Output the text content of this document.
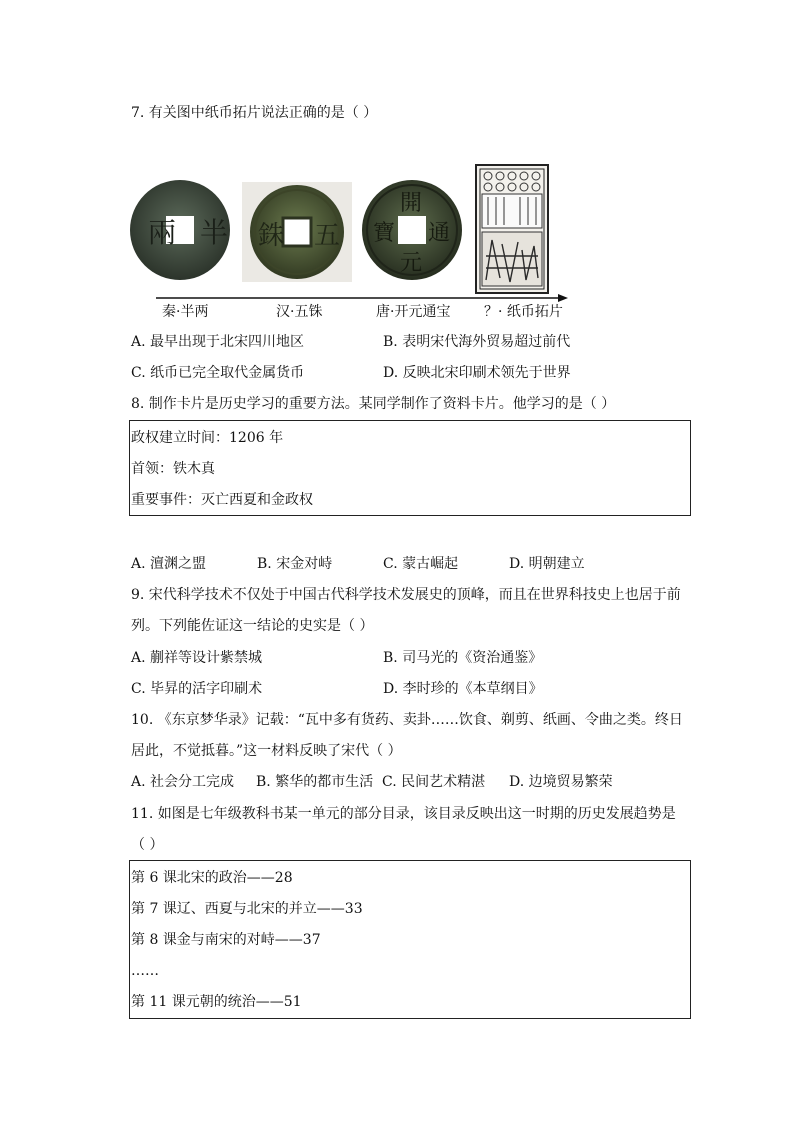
7. 有关图中纸币拓片说法正确的是（ ）
兩 半 銖 五
開
通
寶
元
秦·半两	汉·五铢	唐·开元通宝 ？· 纸币拓片
A. 最早出现于北宋四川地区	B. 表明宋代海外贸易超过前代
C. 纸币已完全取代金属货币	D. 反映北宋印刷术领先于世界
8. 制作卡片是历史学习的重要方法。某同学制作了资料卡片。他学习的是（ ）
政权建立时间：1206 年
首领：铁木真
重要事件：灭亡西夏和金政权
A. 澶渊之盟	B. 宋金对峙	C. 蒙古崛起	D. 明朝建立
9. 宋代科学技术不仅处于中国古代科学技术发展史的顶峰，而且在世界科技史上也居于前
列。下列能佐证这一结论的史实是（ ）
A. 蒯祥等设计紫禁城	B. 司马光的《资治通鉴》
C. 毕昇的活字印刷术	D. 李时珍的《本草纲目》
10. 《东京梦华录》记载：“瓦中多有货药、卖卦……饮食、剃剪、纸画、令曲之类。终日
居此，不觉抵暮。”这一材料反映了宋代（ ）
A. 社会分工完成 B. 繁华的都市生活 C. 民间艺术精湛 D. 边境贸易繁荣
11. 如图是七年级教科书某一单元的部分目录，该目录反映出这一时期的历史发展趋势是
（ ）
第 6 课北宋的政治——28
第 7 课辽、西夏与北宋的并立——33
第 8 课金与南宋的对峙——37
……
第 11 课元朝的统治——51
